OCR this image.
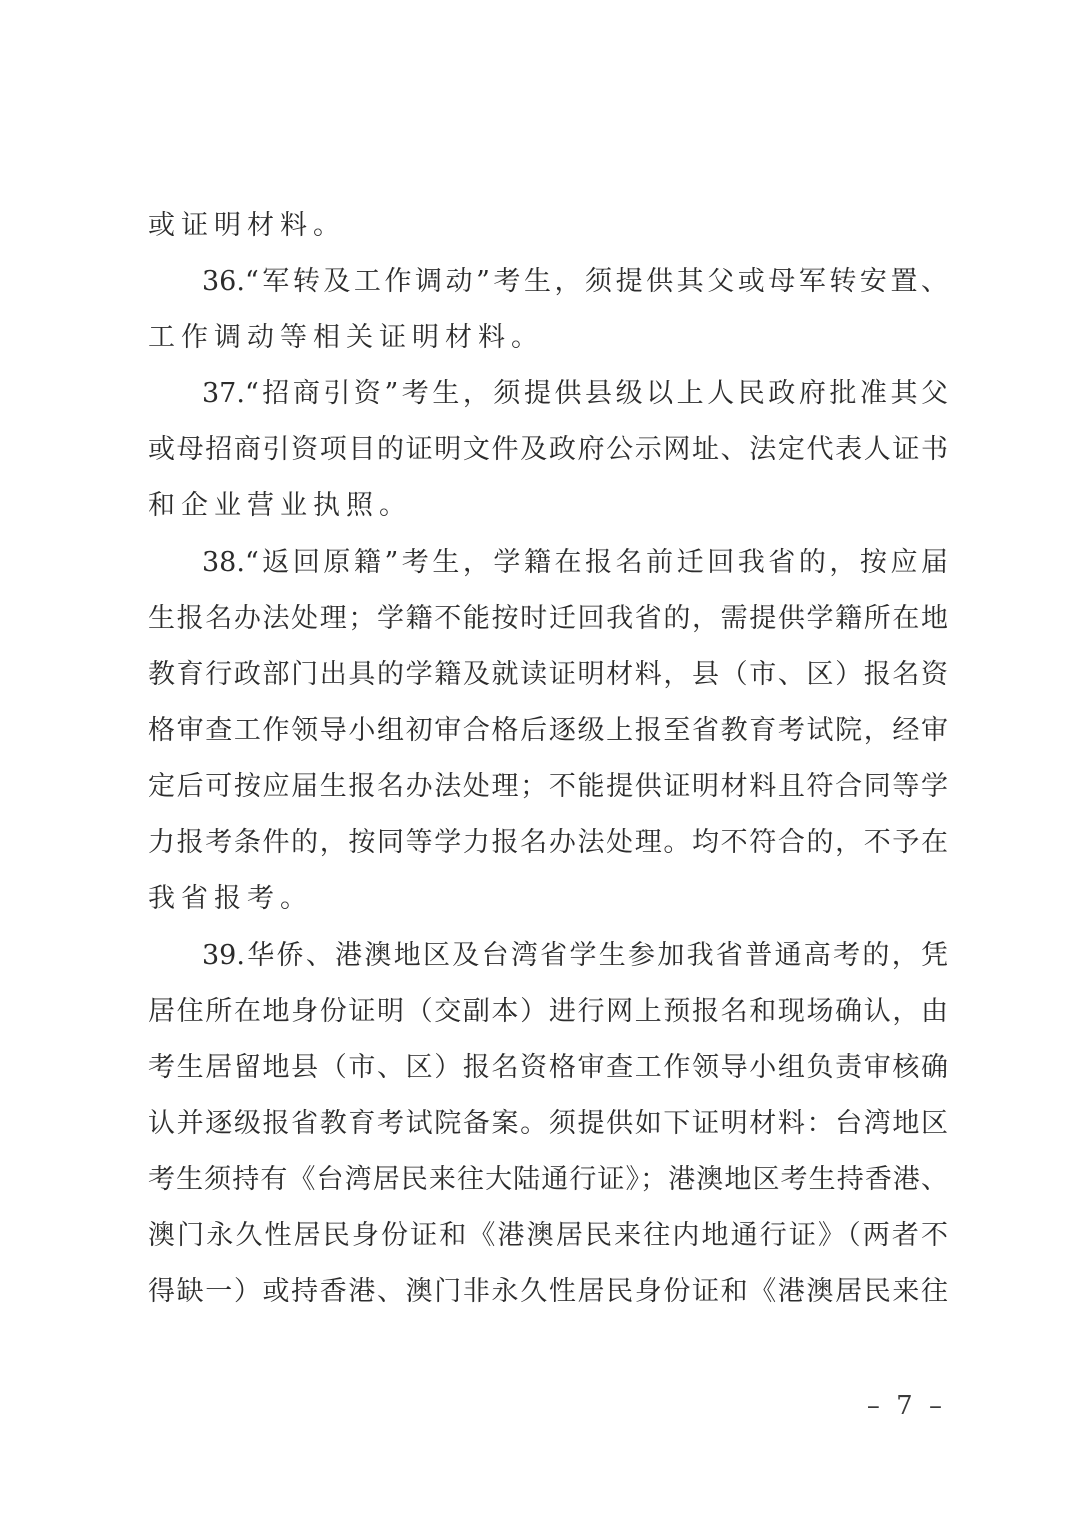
或证明材料。
36.“军转及工作调动”考生，须提供其父或母军转安置、
工作调动等相关证明材料。
37.“招商引资”考生，须提供县级以上人民政府批准其父
或母招商引资项目的证明文件及政府公示网址、法定代表人证书
和企业营业执照。
38.“返回原籍”考生，学籍在报名前迁回我省的，按应届
生报名办法处理；学籍不能按时迁回我省的，需提供学籍所在地
教育行政部门出具的学籍及就读证明材料，县（市、区）报名资
格审查工作领导小组初审合格后逐级上报至省教育考试院，经审
定后可按应届生报名办法处理；不能提供证明材料且符合同等学
力报考条件的，按同等学力报名办法处理。均不符合的，不予在
我省报考。
39.华侨、港澳地区及台湾省学生参加我省普通高考的，凭
居住所在地身份证明（交副本）进行网上预报名和现场确认，由
考生居留地县（市、区）报名资格审查工作领导小组负责审核确
认并逐级报省教育考试院备案。须提供如下证明材料：台湾地区
考生须持有《台湾居民来往大陆通行证》；港澳地区考生持香港、
澳门永久性居民身份证和《港澳居民来往内地通行证》（两者不
得缺一）或持香港、澳门非永久性居民身份证和《港澳居民来往
– 7 –
